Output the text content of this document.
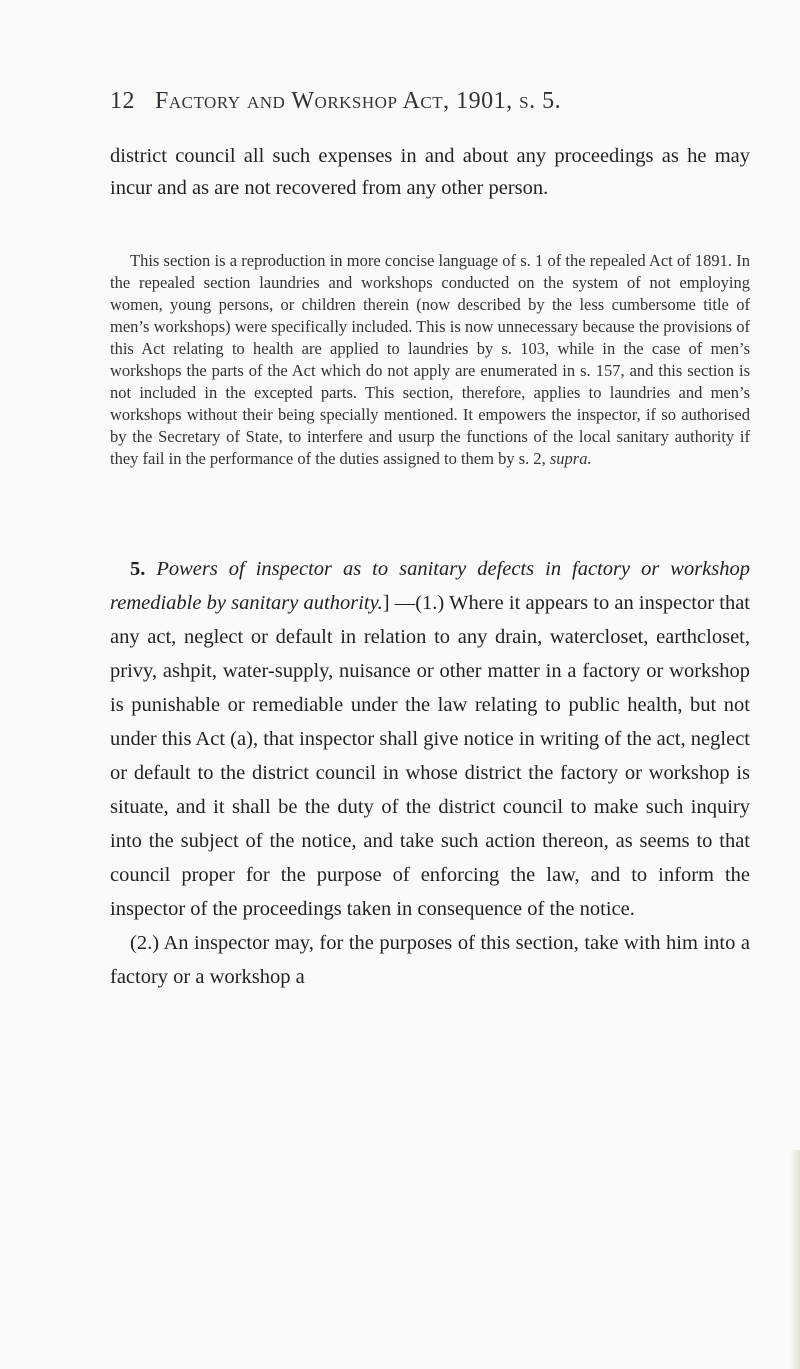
12 Factory and Workshop Act, 1901, s. 5.

district council all such expenses in and about any proceedings as he may incur and as are not recovered from any other person.

This section is a reproduction in more concise language of s. 1 of the repealed Act of 1891. In the repealed section laundries and workshops conducted on the system of not employing women, young persons, or children therein (now described by the less cumbersome title of men’s workshops) were specifically included. This is now unnecessary because the provisions of this Act relating to health are applied to laundries by s. 103, while in the case of men’s workshops the parts of the Act which do not apply are enumerated in s. 157, and this section is not included in the excepted parts. This section, therefore, applies to laundries and men’s workshops without their being specially mentioned. It empowers the inspector, if so authorised by the Secretary of State, to interfere and usurp the functions of the local sanitary authority if they fail in the performance of the duties assigned to them by s. 2, supra.

5. Powers of inspector as to sanitary defects in factory or workshop remediable by sanitary authority.] —(1.) Where it appears to an inspector that any act, neglect or default in relation to any drain, watercloset, earthcloset, privy, ashpit, water-supply, nuisance or other matter in a factory or workshop is punishable or remediable under the law relating to public health, but not under this Act (a), that inspector shall give notice in writing of the act, neglect or default to the district council in whose district the factory or workshop is situate, and it shall be the duty of the district council to make such inquiry into the subject of the notice, and take such action thereon, as seems to that council proper for the purpose of enforcing the law, and to inform the inspector of the proceedings taken in consequence of the notice.

(2.) An inspector may, for the purposes of this section, take with him into a factory or a workshop a
